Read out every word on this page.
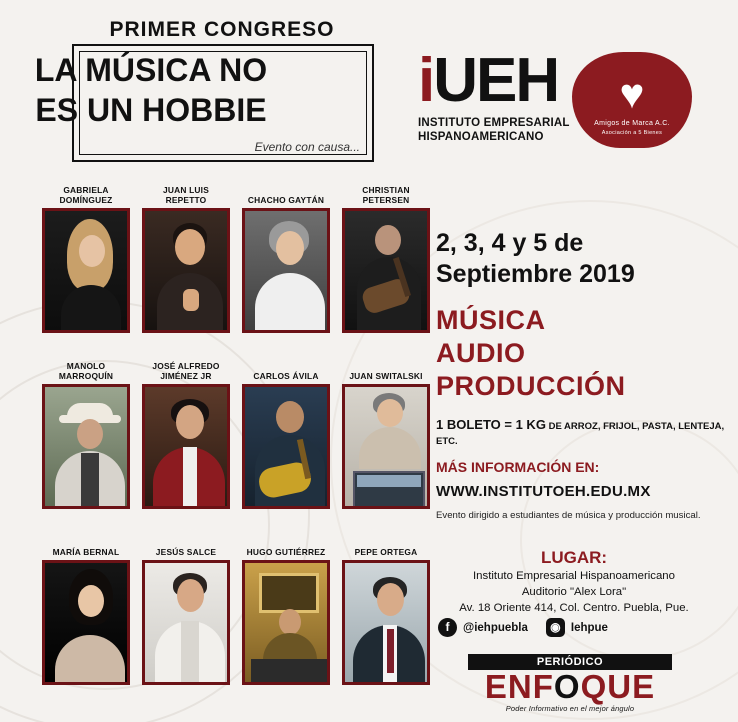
PRIMER CONGRESO
LA MÚSICA NO
ES UN HOBBIE
Evento con causa...
iUEH
INSTITUTO EMPRESARIAL
HISPANOAMERICANO
♥
Amigos de Marca A.C.
Asociación a 5 Bienes
GABRIELA DOMÍNGUEZ
JUAN LUIS REPETTO	CHACHO GAYTÁN
CHRISTIAN PETERSEN
MANOLO MARROQUÍN
JOSÉ ALFREDO JIMÉNEZ JR	CARLOS ÁVILA	JUAN SWITALSKI
MARÍA BERNAL	JESÚS SALCE	HUGO GUTIÉRREZ	PEPE ORTEGA
2, 3, 4 y 5 de
Septiembre 2019
MÚSICA
AUDIO
PRODUCCIÓN
1 BOLETO = 1 KG DE ARROZ, FRIJOL, PASTA, LENTEJA, ETC.
MÁS INFORMACIÓN EN:
WWW.INSTITUTOEH.EDU.MX
Evento dirigido a estudiantes de música y producción musical.
LUGAR:
Instituto Empresarial Hispanoamericano
Auditorio "Alex Lora"
Av. 18 Oriente 414, Col. Centro. Puebla, Pue.
f	@iehpuebla	◉ Iehpue
PERIÓDICO
ENFOQUE
Poder Informativo en el mejor ángulo
